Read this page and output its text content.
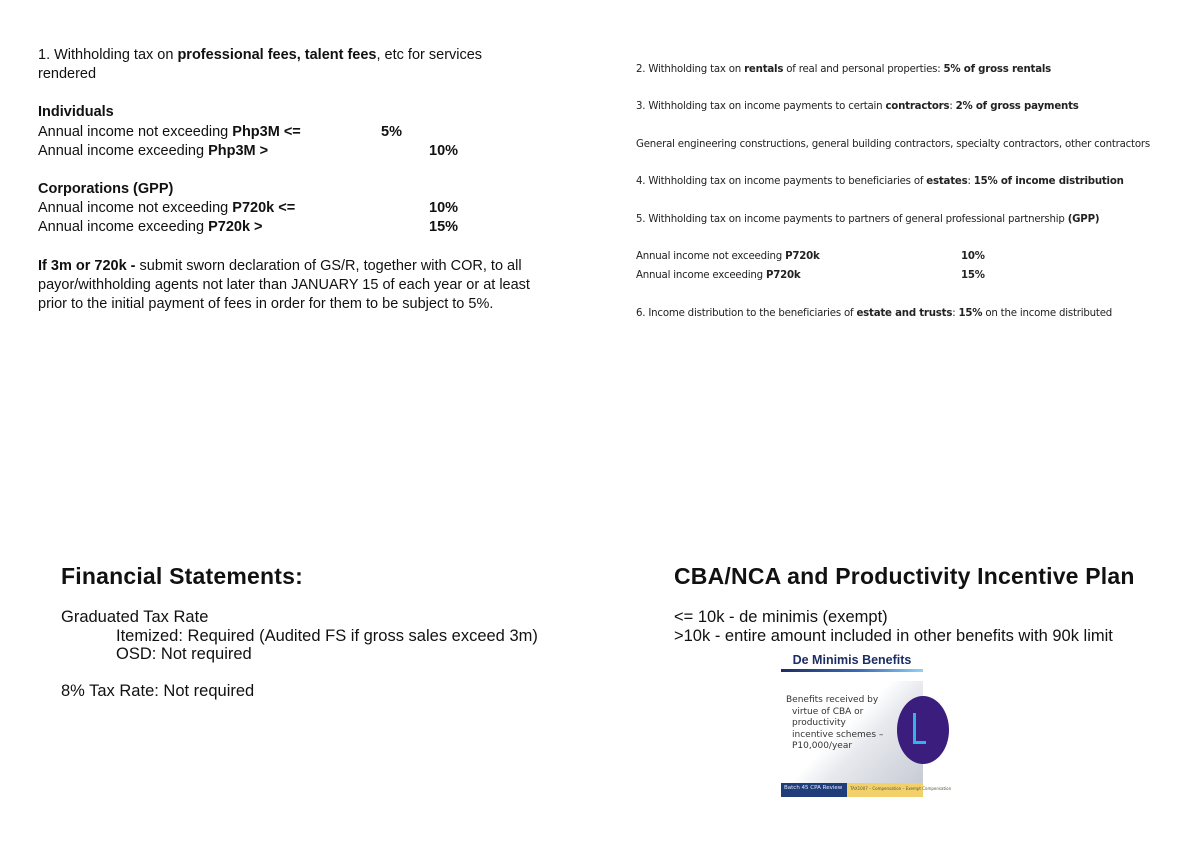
1. Withholding tax on professional fees, talent fees, etc for services
rendered
Individuals
Annual income not exceeding Php3M <=	5%
Annual income exceeding Php3M >	10%
Corporations (GPP)
Annual income not exceeding P720k <=	10%
Annual income exceeding P720k >	15%
If 3m or 720k - submit sworn declaration of GS/R, together with COR, to all
payor/withholding agents not later than JANUARY 15 of each year or at least
prior to the initial payment of fees in order for them to be subject to 5%.
2. Withholding tax on rentals of real and personal properties: 5% of gross rentals
3. Withholding tax on income payments to certain contractors: 2% of gross payments
General engineering constructions, general building contractors, specialty contractors, other contractors
4. Withholding tax on income payments to beneficiaries of estates: 15% of income distribution
5. Withholding tax on income payments to partners of general professional partnership (GPP)
Annual income not exceeding P720k	10%
Annual income exceeding P720k	15%
6. Income distribution to the beneficiaries of estate and trusts: 15% on the income distributed
Financial Statements:
Graduated Tax Rate
Itemized: Required (Audited FS if gross sales exceed 3m)
OSD: Not required
8% Tax Rate: Not required
CBA/NCA and Productivity Incentive Plan
<= 10k - de minimis (exempt)
>10k - entire amount included in other benefits with 90k limit
De Minimis Benefits
Benefits received by
virtue of CBA or
productivity
incentive schemes –
P10,000/year
Batch 45 CPA Review TAX1007 – Compensation – Exempt Compensation
